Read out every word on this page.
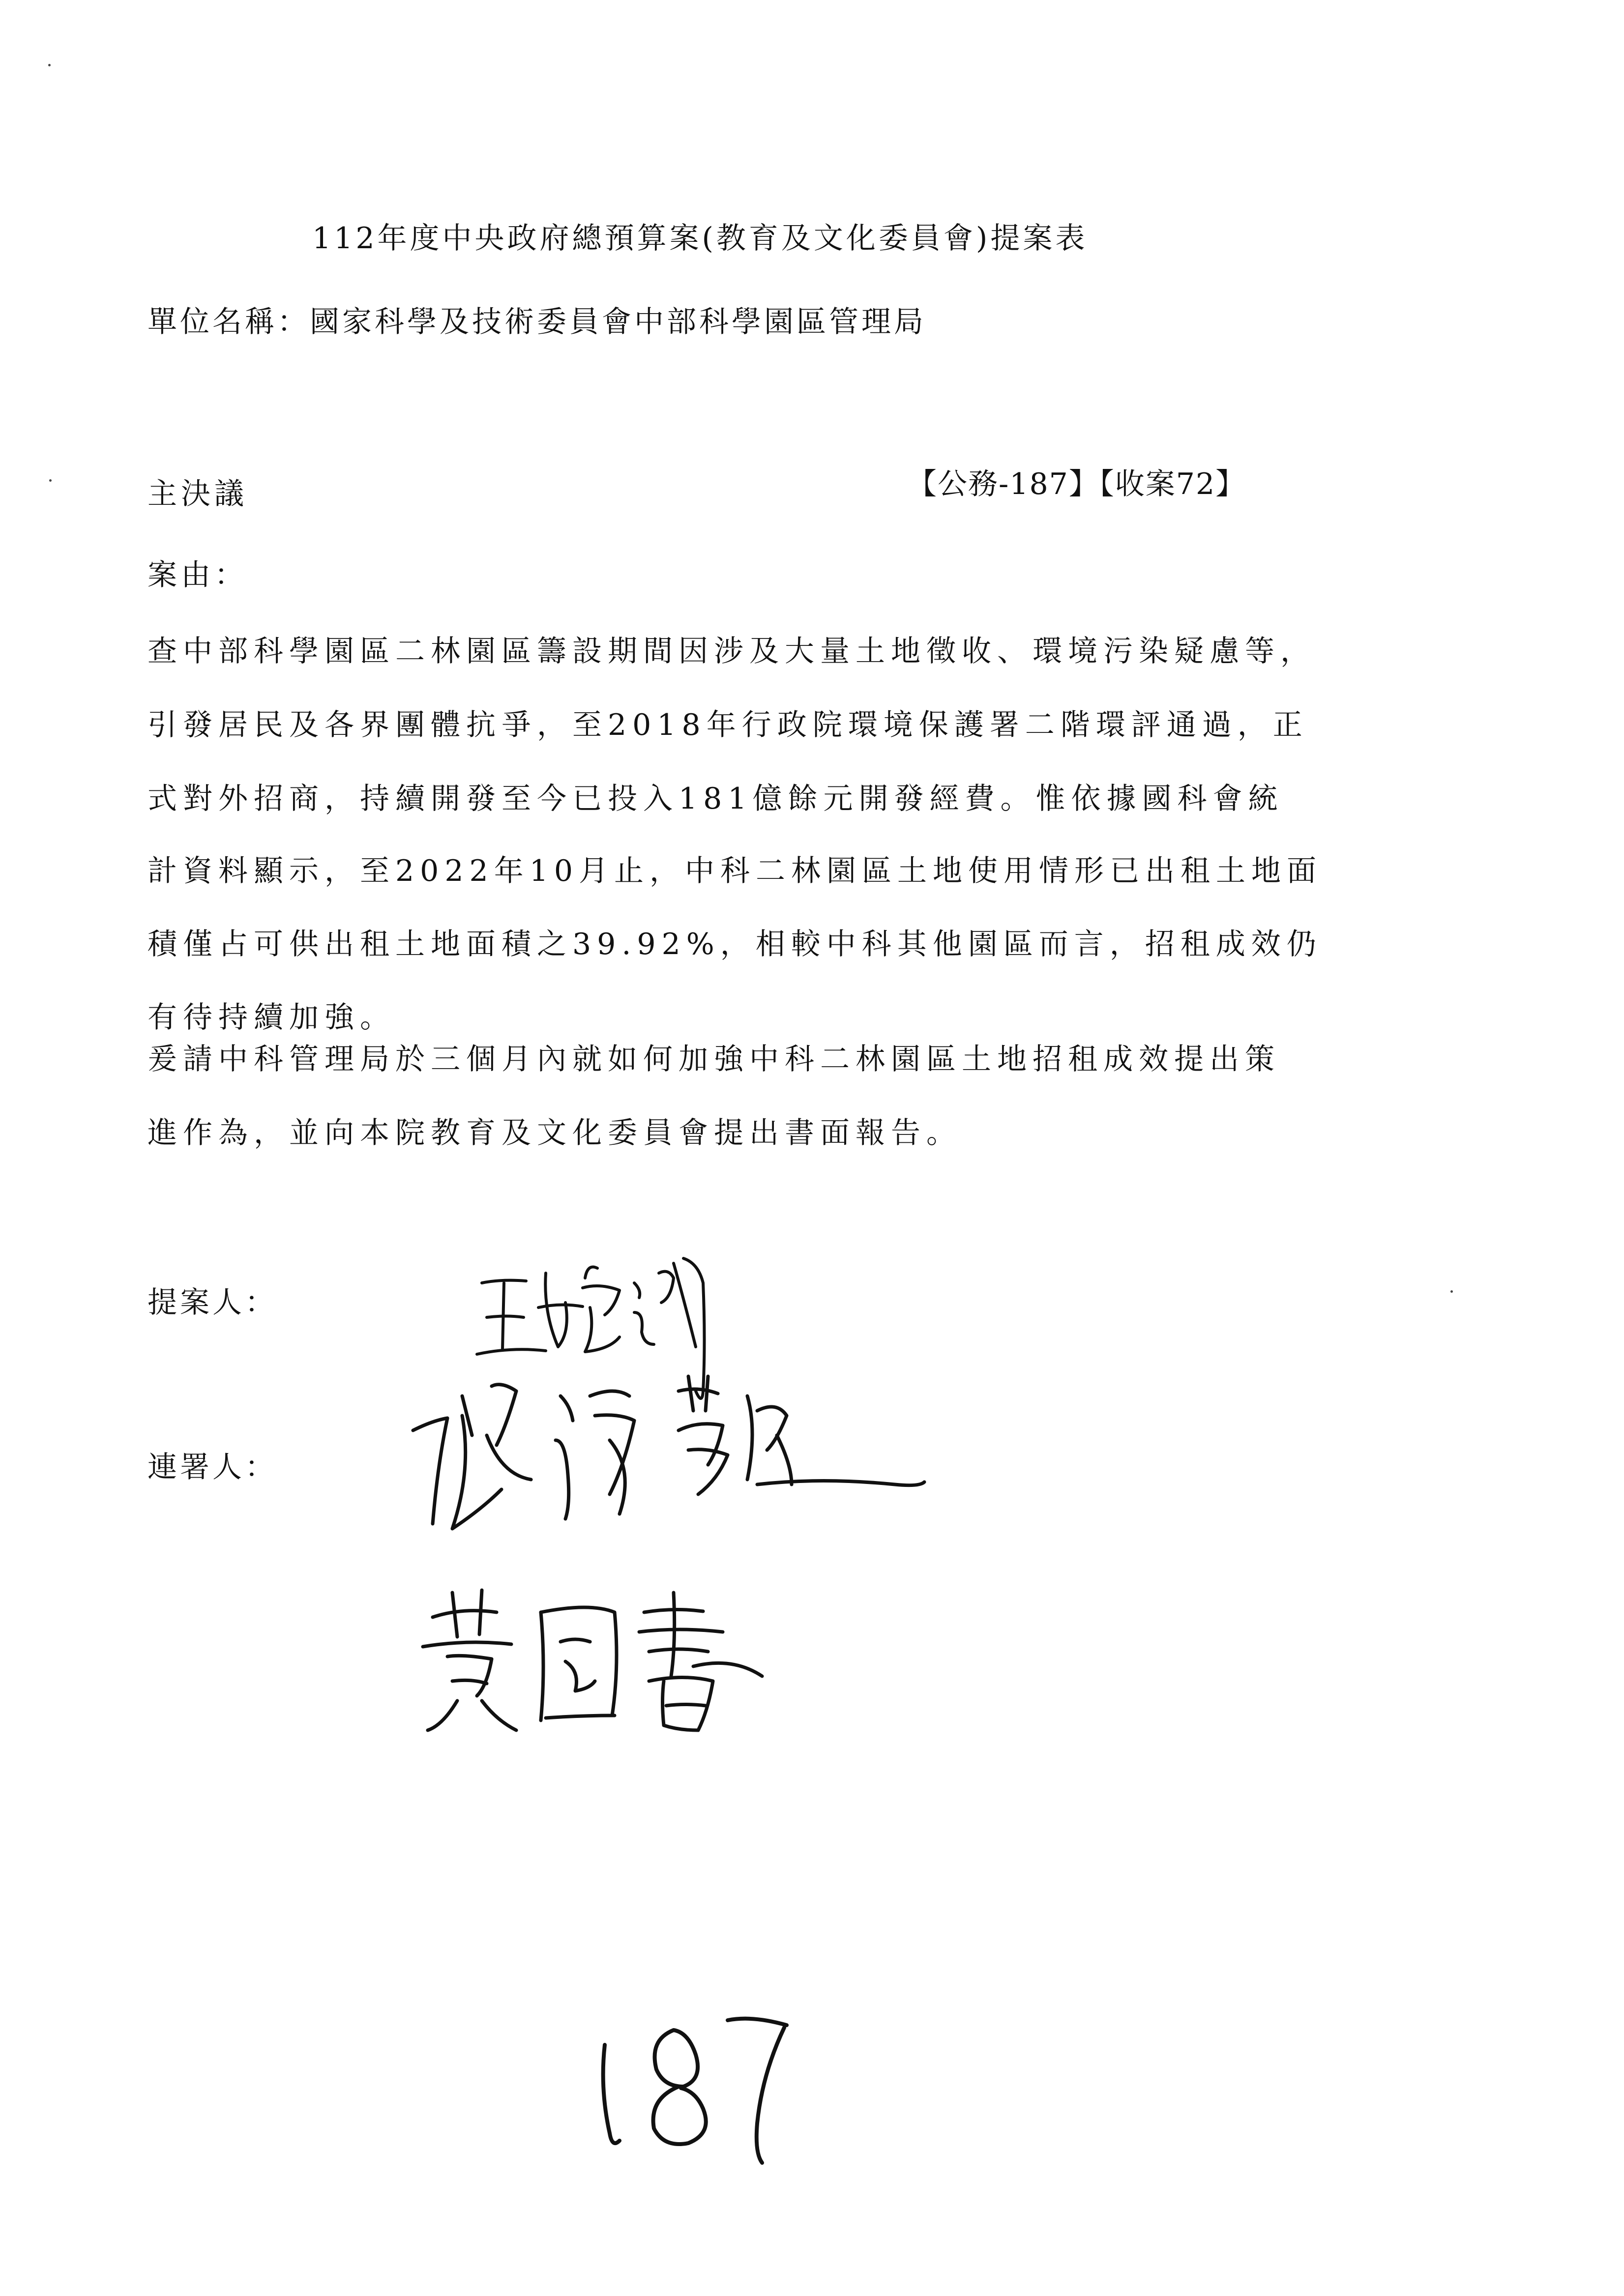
112年度中央政府總預算案(教育及文化委員會)提案表
單位名稱：國家科學及技術委員會中部科學園區管理局
主決議	【公務-187】【收案72】
案由：
查中部科學園區二林園區籌設期間因涉及大量土地徵收、環境污染疑慮等，
引發居民及各界團體抗爭，至2018年行政院環境保護署二階環評通過，正
式對外招商，持續開發至今已投入181億餘元開發經費。惟依據國科會統
計資料顯示，至2022年10月止，中科二林園區土地使用情形已出租土地面
積僅占可供出租土地面積之39.92%，相較中科其他園區而言，招租成效仍
有待持續加強。
爰請中科管理局於三個月內就如何加強中科二林園區土地招租成效提出策
進作為，並向本院教育及文化委員會提出書面報告。
提案人：
連署人：
